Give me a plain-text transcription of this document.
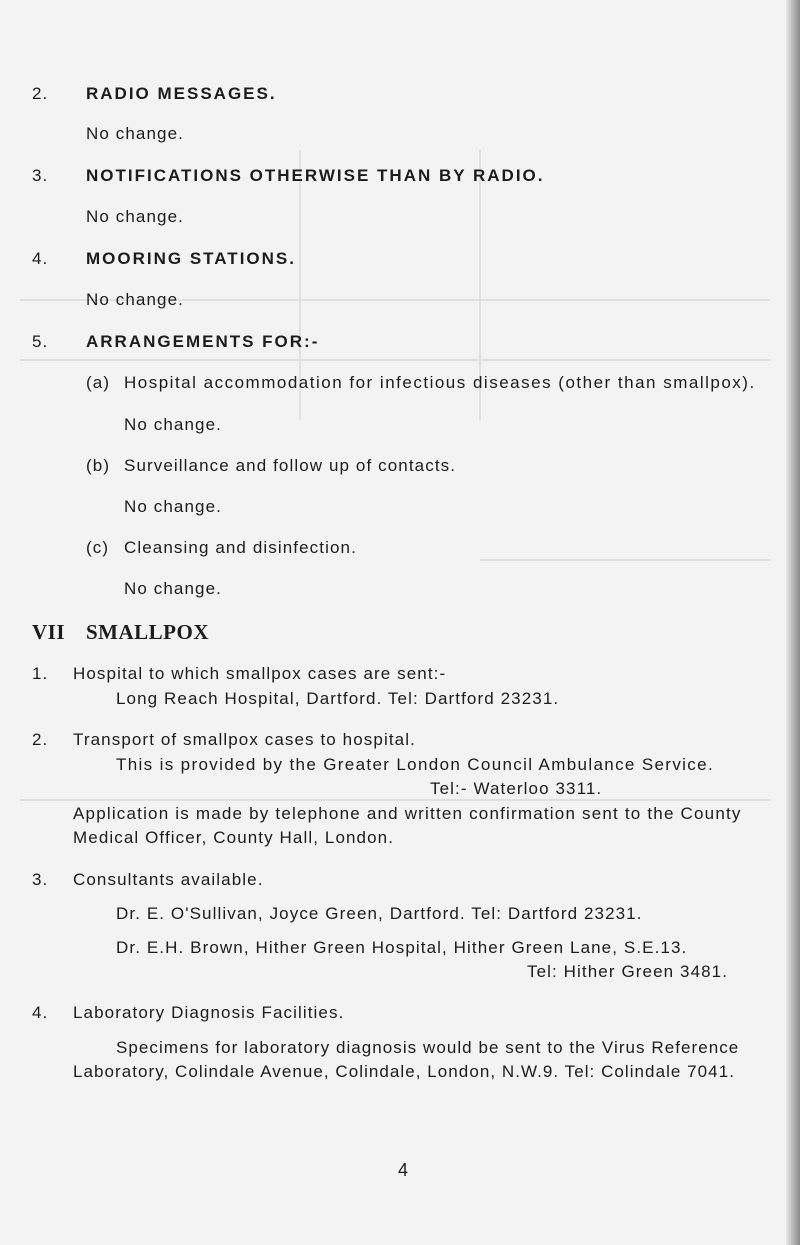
2. RADIO MESSAGES.
No change.
3. NOTIFICATIONS OTHERWISE THAN BY RADIO.
No change.
4. MOORING STATIONS.
No change.
5. ARRANGEMENTS FOR:-
(a) Hospital accommodation for infectious diseases (other than smallpox).
No change.
(b) Surveillance and follow up of contacts.
No change.
(c) Cleansing and disinfection.
No change.
VII SMALLPOX
1. Hospital to which smallpox cases are sent:-
Long Reach Hospital, Dartford. Tel: Dartford 23231.
2. Transport of smallpox cases to hospital.
This is provided by the Greater London Council Ambulance Service.
Tel:- Waterloo 3311.
Application is made by telephone and written confirmation sent to the County
Medical Officer, County Hall, London.
3. Consultants available.
Dr. E. O'Sullivan, Joyce Green, Dartford. Tel: Dartford 23231.
Dr. E.H. Brown, Hither Green Hospital, Hither Green Lane, S.E.13.
Tel: Hither Green 3481.
4. Laboratory Diagnosis Facilities.
Specimens for laboratory diagnosis would be sent to the Virus Reference
Laboratory, Colindale Avenue, Colindale, London, N.W.9. Tel: Colindale 7041.
4
